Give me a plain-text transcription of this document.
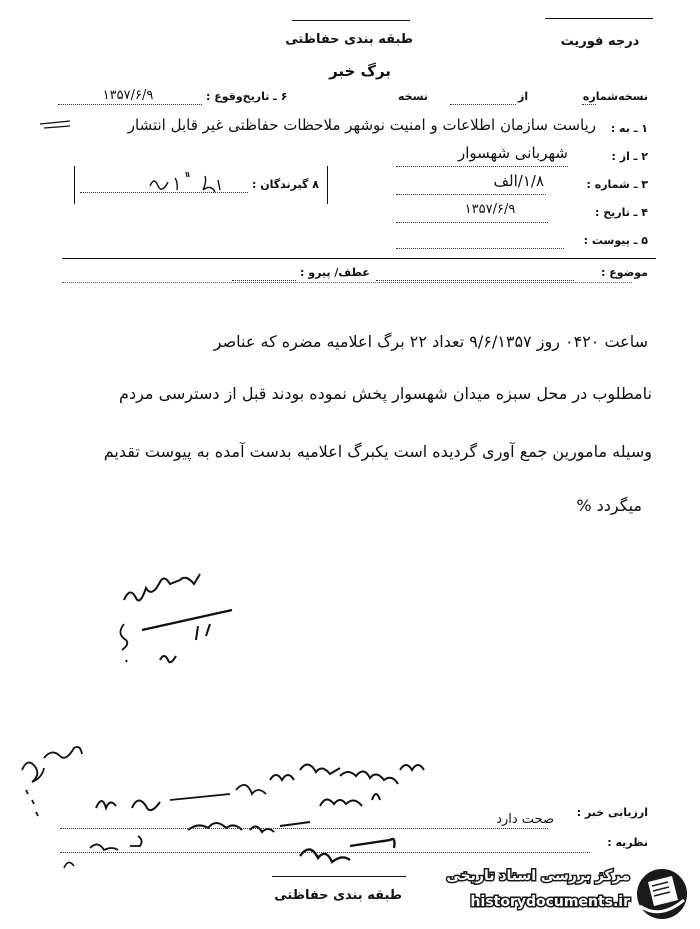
طبقه بندی حفاظتی	درجه فوریت
برگ خبر
نسخه‌شماره
از
نسخه
۶ ـ تاریخ‌وقوع :
۱۳۵۷/۶/۹
۱ ـ به :
ریاست سازمان اطلاعات و امنیت نوشهر ملاحظات حفاظتی غیر قابل انتشار
۲ ـ از :
شهربانی شهسوار
۳ ـ شماره :
۱/۸/الف
۴ ـ تاریخ :
۱۳۵۷/۶/۹
۵ ـ پیوست :
۸ گیرندگان :
موضوع :
عطف/ پیرو :
ساعت ۰۴۲۰ روز ۹/۶/۱۳۵۷ تعداد ۲۲ برگ اعلامیه مضره که عناصر
نامطلوب در محل سبزه میدان شهسوار پخش نموده بودند قبل از دسترسی مردم
وسیله مامورین جمع آوری گردیده است یکبرگ اعلامیه بدست آمده به پیوست تقدیم
میگردد %
ارزیابی خبر :
صحت دارد
نظریه :
طبقه بندی حفاظتی
مرکز بررسی اسناد تاریخی
historydocuments.ir
